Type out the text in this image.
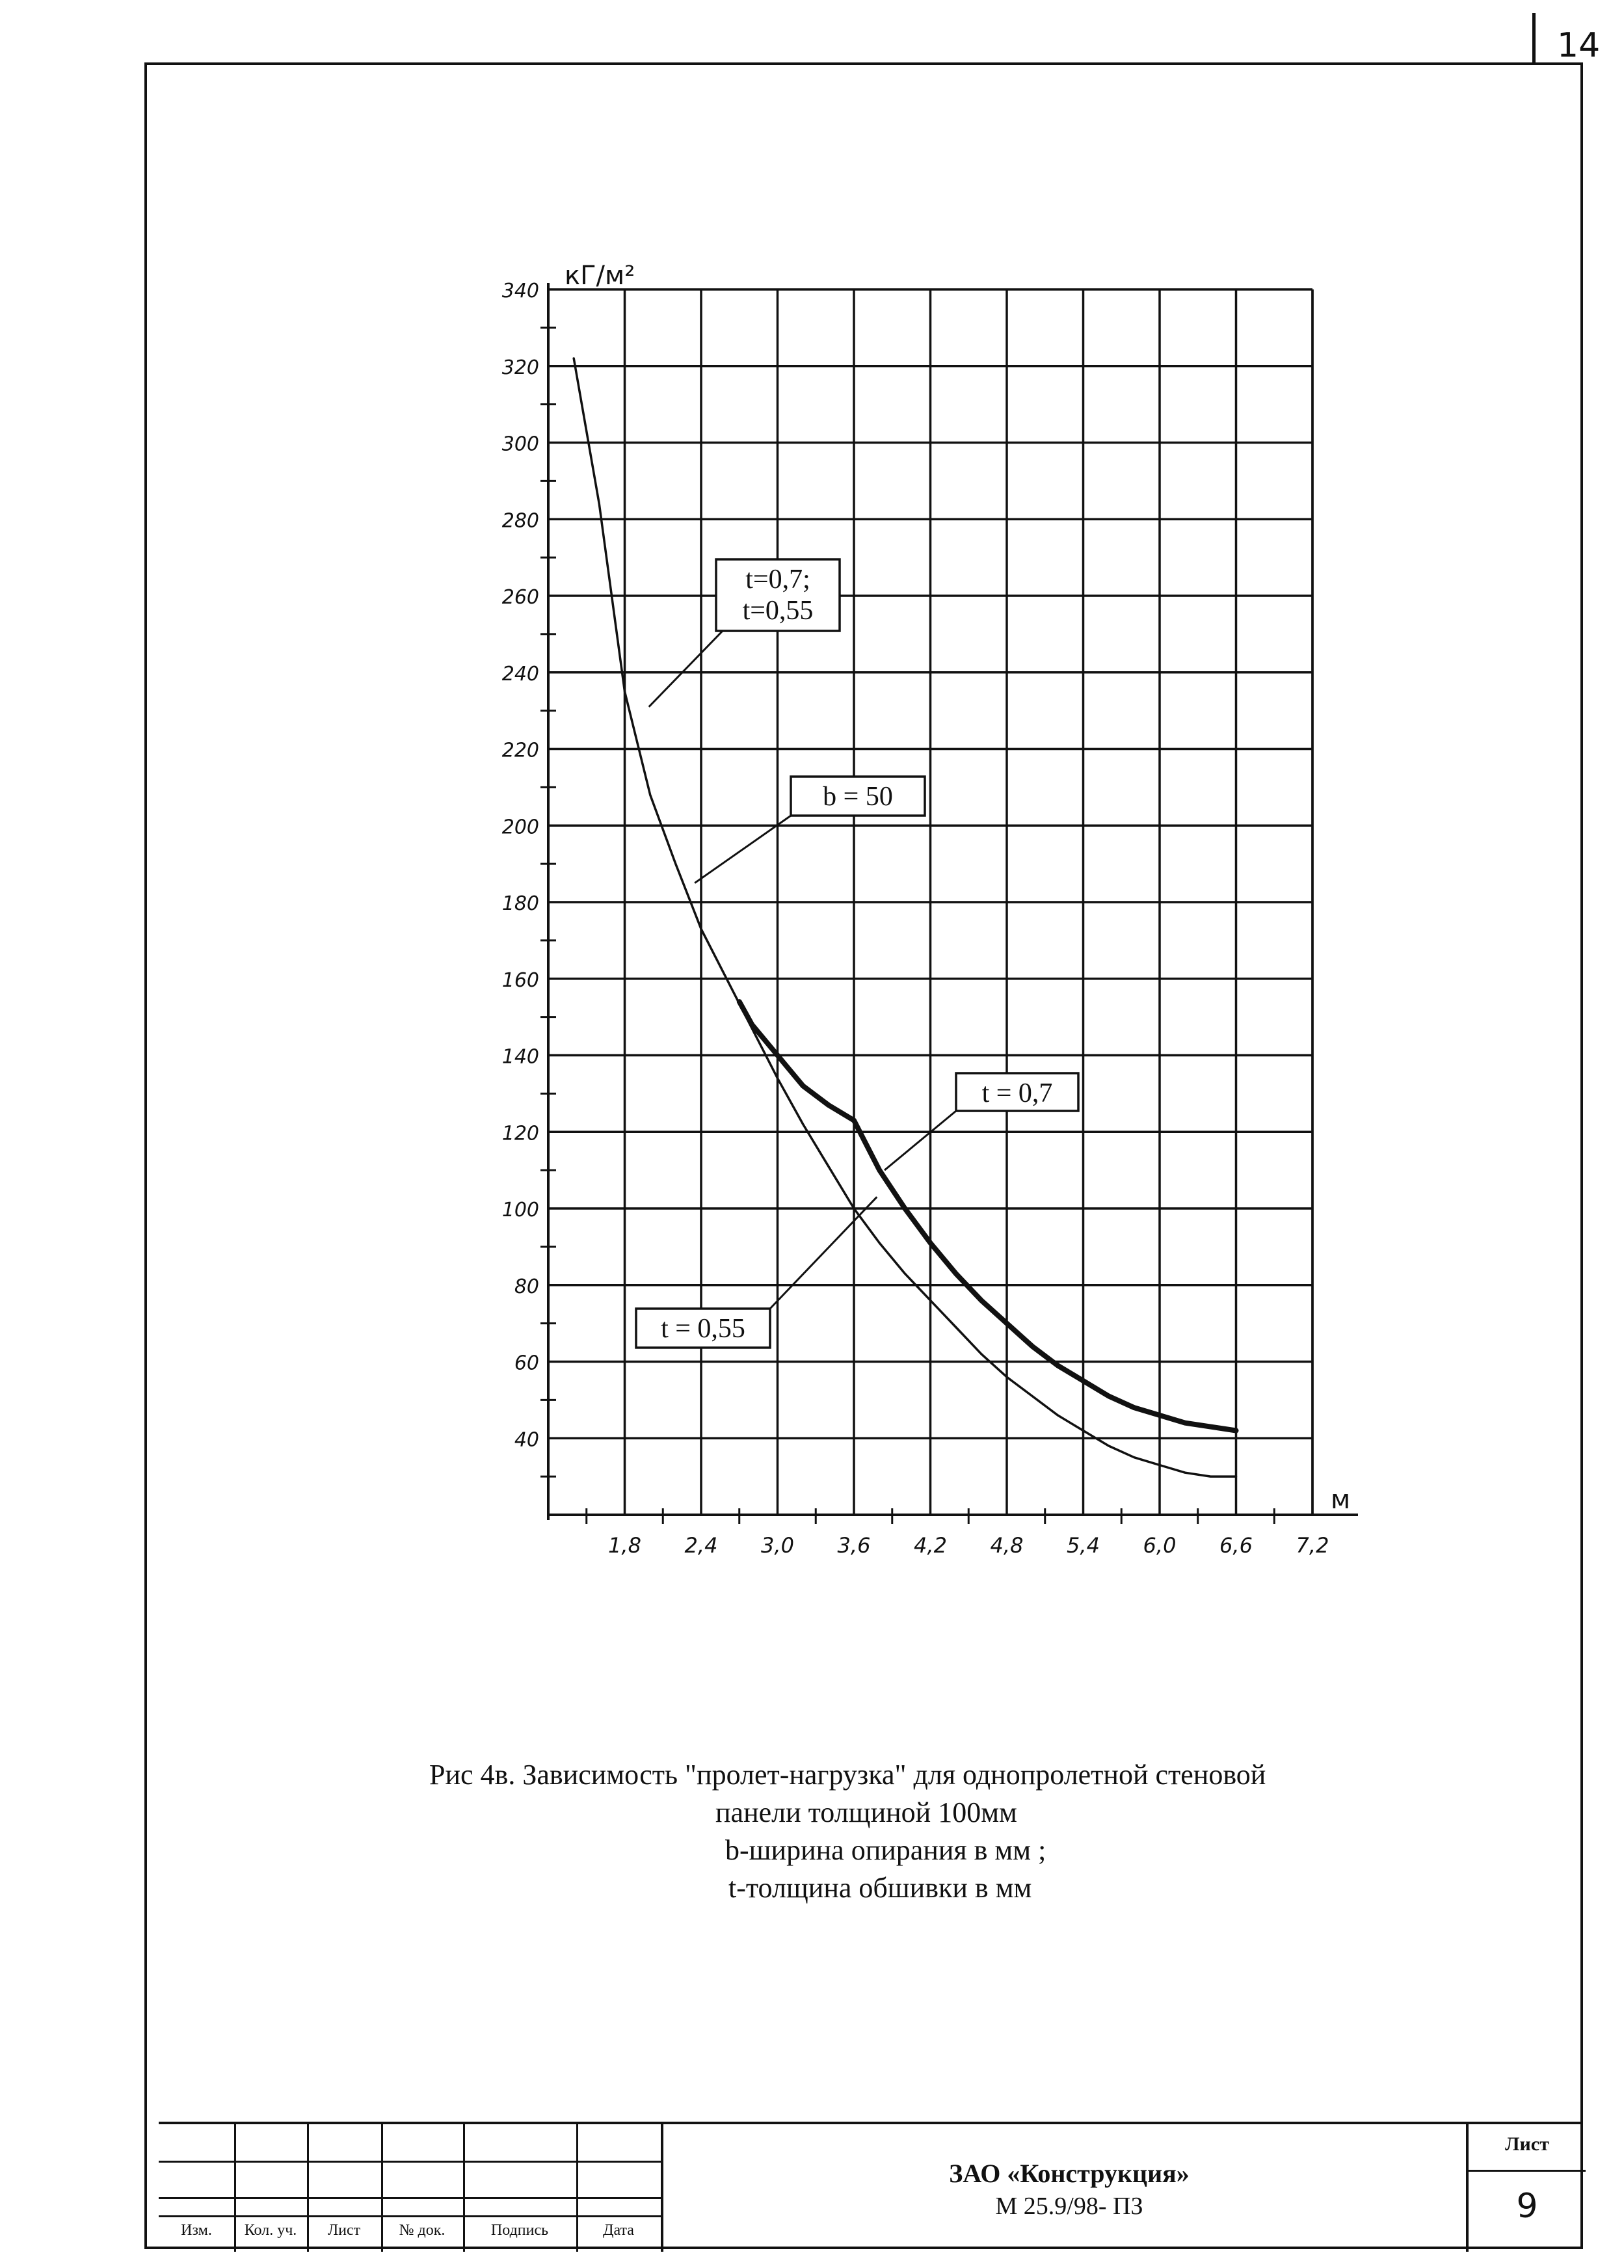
14
t=0,7;
t=0,55
b = 50
t = 0,7
t = 0,55
340
320
300
280
260
240
220
200
180
160
140
120
100
80
60
40
1,8 2,4 3,0 3,6 4,2 4,8 5,4 6,0 6,6 7,2
кГ/м²
м
Рис 4в. Зависимость "пролет-нагрузка" для однопролетной стеновой
панели толщиной 100мм
b-ширина опирания в мм ;
t-толщина обшивки в мм
Изм.	Кол. уч.	Лист	№ док.	Подпись	Дата
ЗАО «Конструкция»
М 25.9/98- ПЗ
Лист
9
